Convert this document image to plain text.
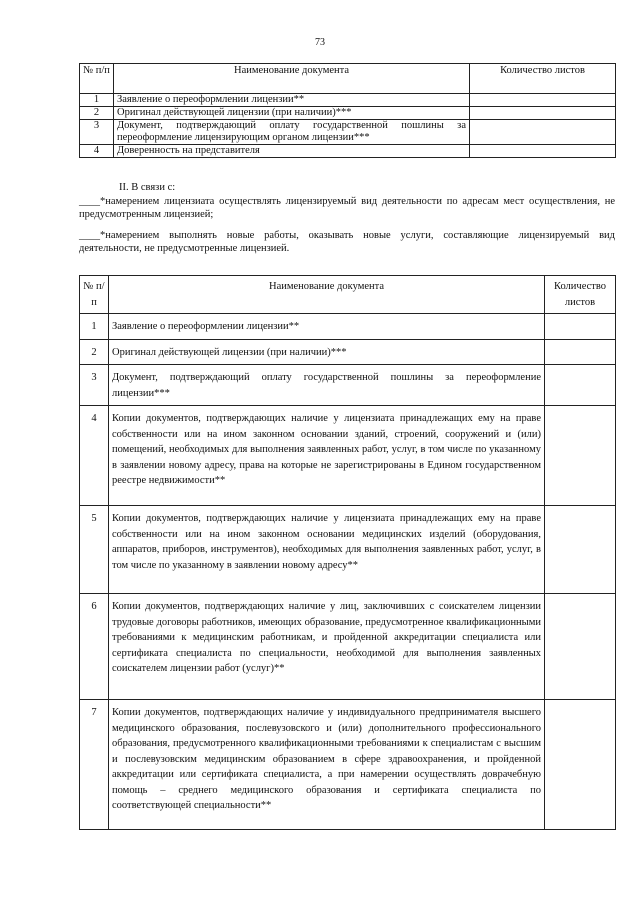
73
№ п/п	Наименование документа	Количество листов
1	Заявление о переоформлении лицензии**	
2	Оригинал действующей лицензии (при наличии)***	
3	Документ, подтверждающий оплату государственной пошлины за переоформление лицензирующим органом лицензии***	
4	Доверенность на представителя	
II. В связи с:
____*намерением лицензиата осуществлять лицензируемый вид деятельности по адресам мест осуществления, не предусмотренным лицензией;
____*намерением выполнять новые работы, оказывать новые услуги, составляющие лицензируемый вид деятельности, не предусмотренные лицензией.
№ п/п	Наименование документа	Количество листов
1	Заявление о переоформлении лицензии**	
2	Оригинал действующей лицензии (при наличии)***	
3	Документ, подтверждающий оплату государственной пошлины за переоформление лицензии***	
4	Копии документов, подтверждающих наличие у лицензиата принадлежащих ему на праве собственности или на ином законном основании зданий, строений, сооружений и (или) помещений, необходимых для выполнения заявленных работ, услуг, в том числе по указанному в заявлении новому адресу, права на которые не зарегистрированы в Едином государственном реестре недвижимости**	
5	Копии документов, подтверждающих наличие у лицензиата принадлежащих ему на праве собственности или на ином законном основании медицинских изделий (оборудования, аппаратов, приборов, инструментов), необходимых для выполнения заявленных работ, услуг, в том числе по указанному в заявлении новому адресу**	
6	Копии документов, подтверждающих наличие у лиц, заключивших с соискателем лицензии трудовые договоры работников, имеющих образование, предусмотренное квалификационными требованиями к медицинским работникам, и пройденной аккредитации специалиста или сертификата специалиста по специальности, необходимой для выполнения заявленных соискателем лицензии работ (услуг)**	
7	Копии документов, подтверждающих наличие у индивидуального предпринимателя высшего медицинского образования, послевузовского и (или) дополнительного профессионального образования, предусмотренного квалификационными требованиями к специалистам с высшим и послевузовским медицинским образованием в сфере здравоохранения, и пройденной аккредитации или сертификата специалиста, а при намерении осуществлять доврачебную помощь – среднего медицинского образования и сертификата специалиста по соответствующей специальности**	
